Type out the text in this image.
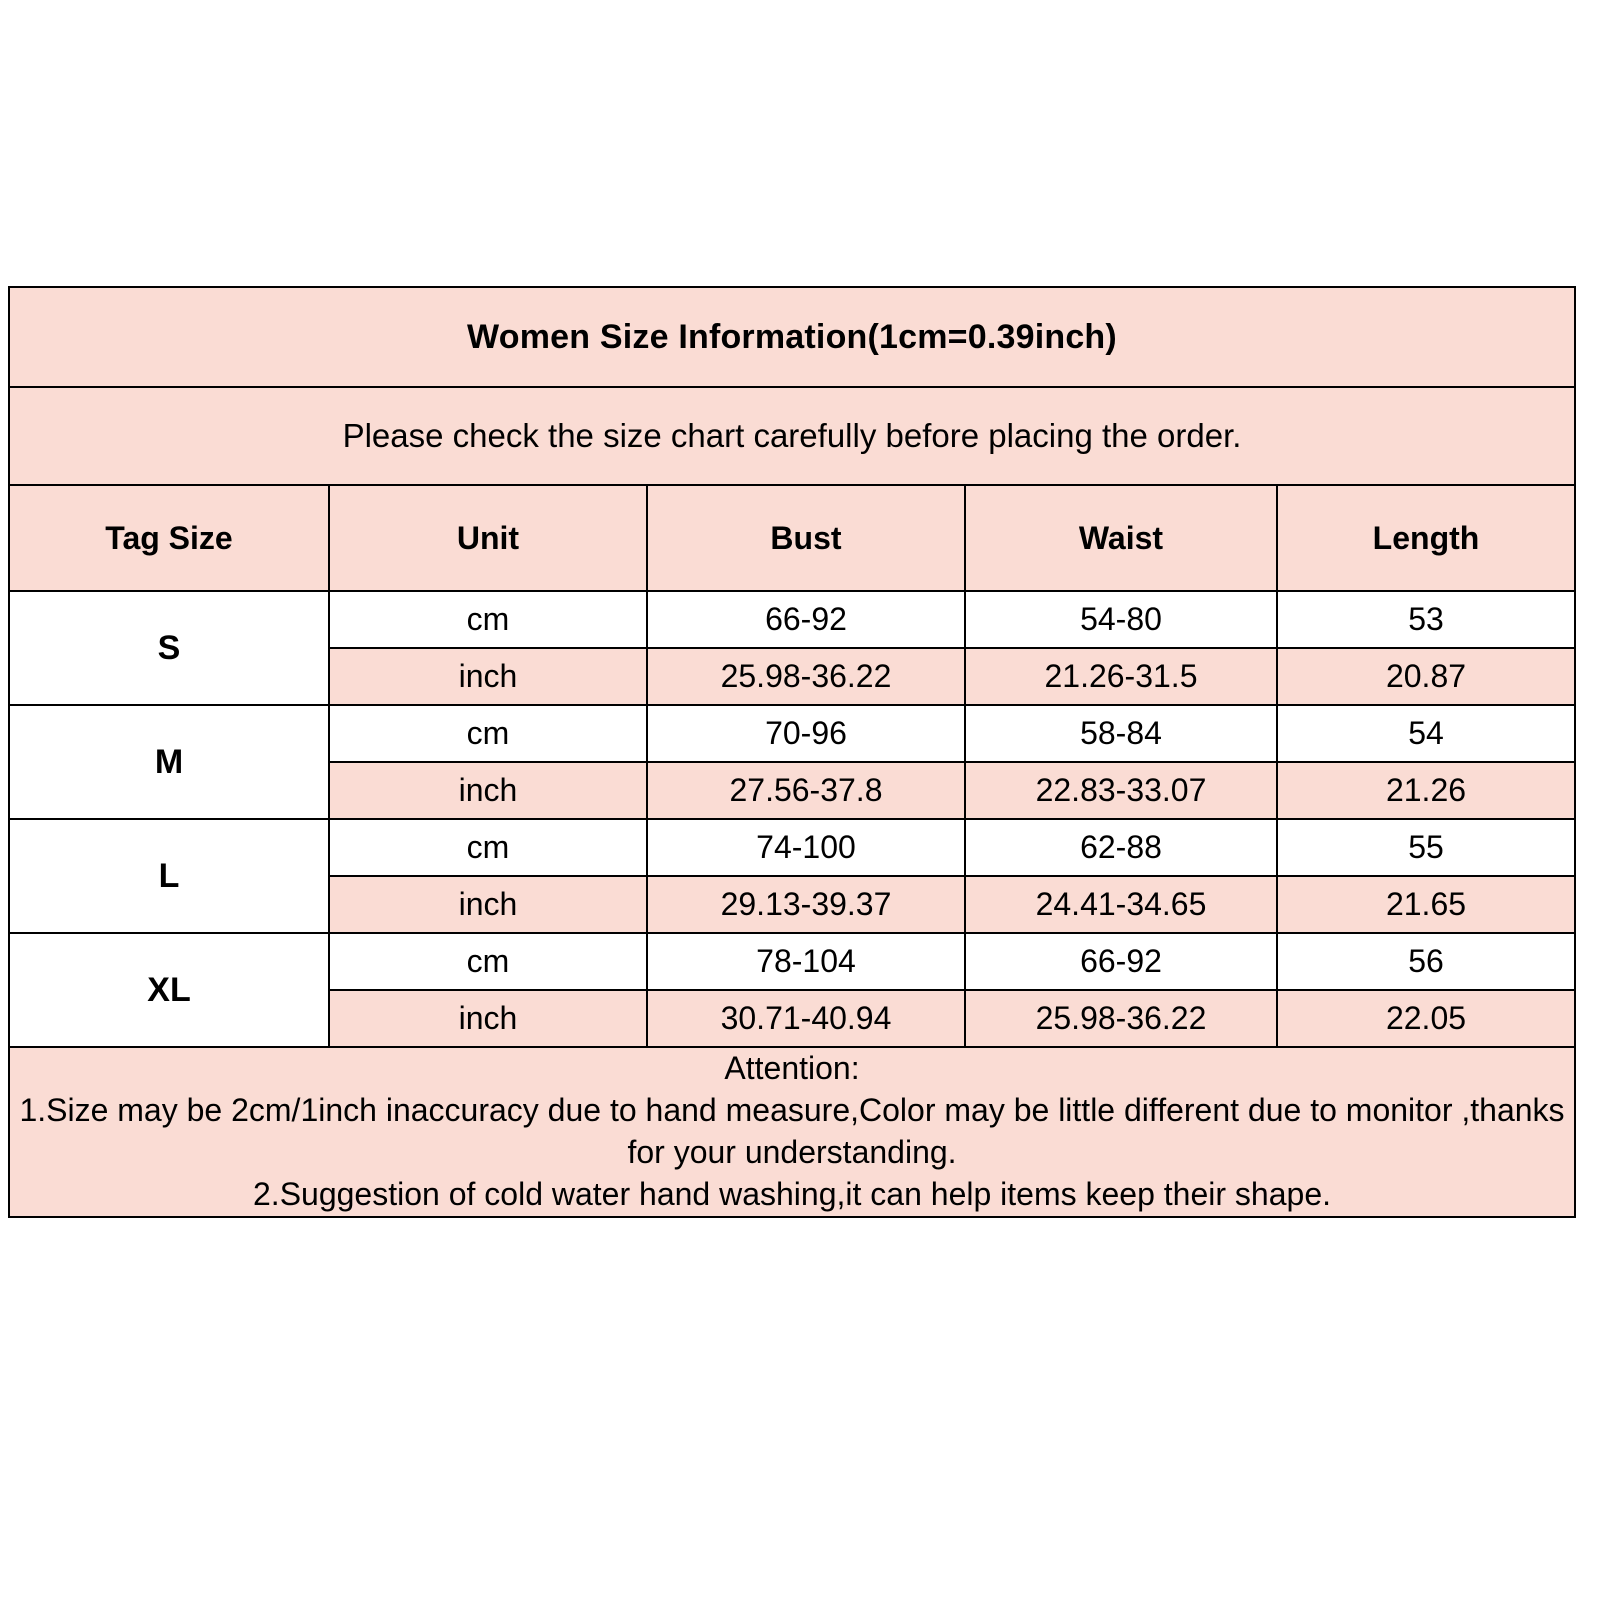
Women Size Information(1cm=0.39inch)				
Please check the size chart carefully before placing the order.				
Tag Size	Unit	Bust	Waist	Length
S	cm	66-92	54-80	53
	inch	25.98-36.22	21.26-31.5	20.87
M	cm	70-96	58-84	54
	inch	27.56-37.8	22.83-33.07	21.26
L	cm	74-100	62-88	55
	inch	29.13-39.37	24.41-34.65	21.65
XL	cm	78-104	66-92	56
	inch	30.71-40.94	25.98-36.22	22.05

Attention:
1.Size may be 2cm/1inch inaccuracy due to hand measure,Color may be little different due to monitor ,thanks for your understanding.
2.Suggestion of cold water hand washing,it can help items keep their shape.				
